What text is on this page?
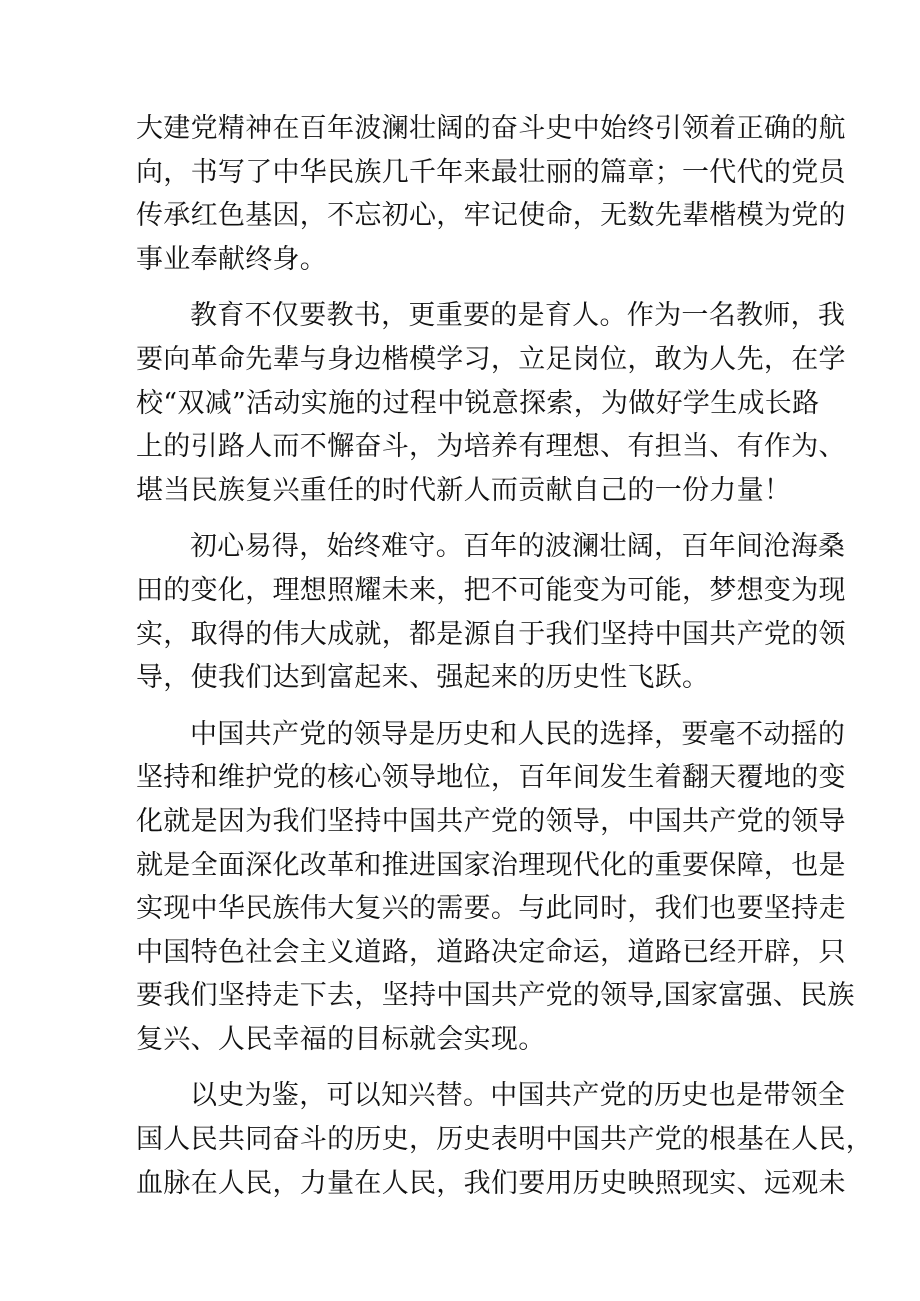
大建党精神在百年波澜壮阔的奋斗史中始终引领着正确的航
向，书写了中华民族几千年来最壮丽的篇章；一代代的党员
传承红色基因，不忘初心，牢记使命，无数先辈楷模为党的
事业奉献终身。
教育不仅要教书，更重要的是育人。作为一名教师，我
要向革命先辈与身边楷模学习，立足岗位，敢为人先，在学
校“双减”活动实施的过程中锐意探索，为做好学生成长路
上的引路人而不懈奋斗，为培养有理想、有担当、有作为、
堪当民族复兴重任的时代新人而贡献自己的一份力量！
初心易得，始终难守。百年的波澜壮阔，百年间沧海桑
田的变化，理想照耀未来，把不可能变为可能，梦想变为现
实，取得的伟大成就，都是源自于我们坚持中国共产党的领
导，使我们达到富起来、强起来的历史性飞跃。
中国共产党的领导是历史和人民的选择，要毫不动摇的
坚持和维护党的核心领导地位，百年间发生着翻天覆地的变
化就是因为我们坚持中国共产党的领导，中国共产党的领导
就是全面深化改革和推进国家治理现代化的重要保障，也是
实现中华民族伟大复兴的需要。与此同时，我们也要坚持走
中国特色社会主义道路，道路决定命运，道路已经开辟，只
要我们坚持走下去，坚持中国共产党的领导,国家富强、民族
复兴、人民幸福的目标就会实现。
以史为鉴，可以知兴替。中国共产党的历史也是带领全
国人民共同奋斗的历史，历史表明中国共产党的根基在人民，
血脉在人民，力量在人民，我们要用历史映照现实、远观未
